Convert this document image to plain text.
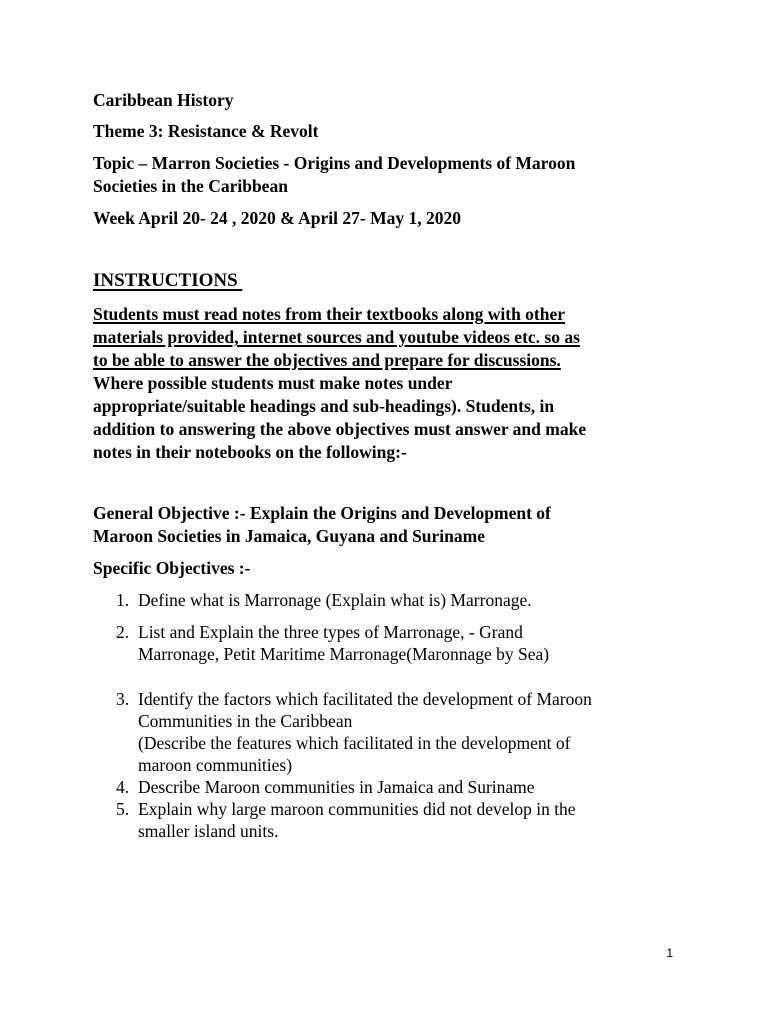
Caribbean History
Theme 3: Resistance & Revolt
Topic – Marron Societies - Origins and Developments of Maroon
Societies in the Caribbean
Week April 20- 24 , 2020 & April 27- May 1, 2020
INSTRUCTIONS
Students must read notes from their textbooks along with other
materials provided, internet sources and youtube videos etc. so as
to be able to answer the objectives and prepare for discussions.
Where possible students must make notes under
appropriate/suitable headings and sub-headings). Students, in
addition to answering the above objectives must answer and make
notes in their notebooks on the following:-
General Objective :- Explain the Origins and Development of
Maroon Societies in Jamaica, Guyana and Suriname
Specific Objectives :-
1. Define what is Marronage (Explain what is) Marronage.
2. List and Explain the three types of Marronage, - Grand
Marronage, Petit Maritime Marronage(Maronnage by Sea)
3. Identify the factors which facilitated the development of Maroon
Communities in the Caribbean
(Describe the features which facilitated in the development of
maroon communities)
4. Describe Maroon communities in Jamaica and Suriname
5. Explain why large maroon communities did not develop in the
smaller island units.
1
